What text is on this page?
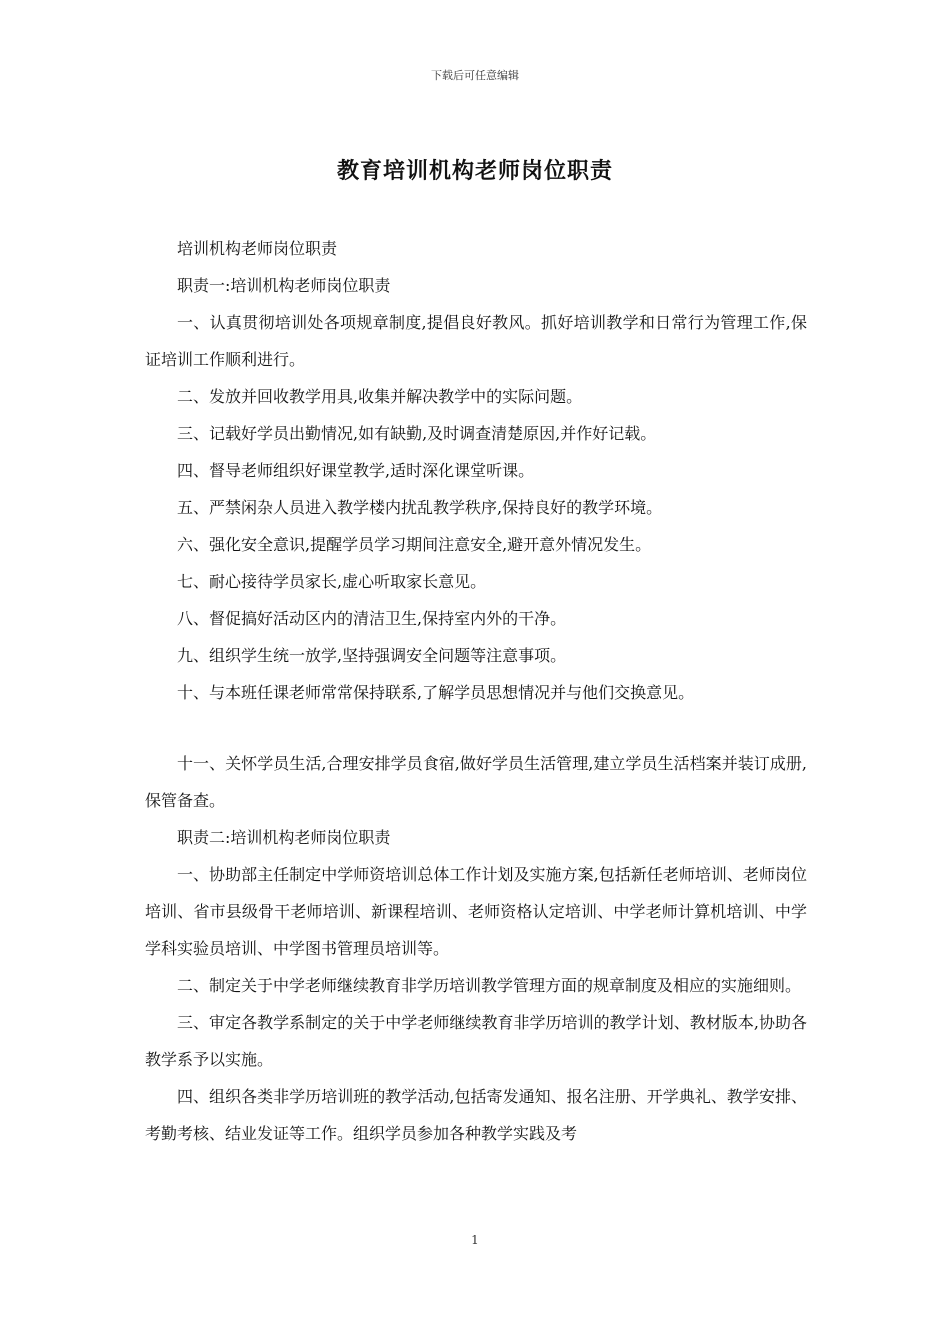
下载后可任意编辑
教育培训机构老师岗位职责

培训机构老师岗位职责

职责一:培训机构老师岗位职责

一、认真贯彻培训处各项规章制度,提倡良好教风。抓好培训教学和日常行为管理工作,保证培训工作顺利进行。

二、发放并回收教学用具,收集并解决教学中的实际问题。

三、记载好学员出勤情况,如有缺勤,及时调查清楚原因,并作好记载。

四、督导老师组织好课堂教学,适时深化课堂听课。

五、严禁闲杂人员进入教学楼内扰乱教学秩序,保持良好的教学环境。

六、强化安全意识,提醒学员学习期间注意安全,避开意外情况发生。

七、耐心接待学员家长,虚心听取家长意见。

八、督促搞好活动区内的清洁卫生,保持室内外的干净。

九、组织学生统一放学,坚持强调安全问题等注意事项。

十、与本班任课老师常常保持联系,了解学员思想情况并与他们交换意见。

十一、关怀学员生活,合理安排学员食宿,做好学员生活管理,建立学员生活档案并装订成册,保管备查。

职责二:培训机构老师岗位职责

一、协助部主任制定中学师资培训总体工作计划及实施方案,包括新任老师培训、老师岗位培训、省市县级骨干老师培训、新课程培训、老师资格认定培训、中学老师计算机培训、中学学科实验员培训、中学图书管理员培训等。

二、制定关于中学老师继续教育非学历培训教学管理方面的规章制度及相应的实施细则。

三、审定各教学系制定的关于中学老师继续教育非学历培训的教学计划、教材版本,协助各教学系予以实施。

四、组织各类非学历培训班的教学活动,包括寄发通知、报名注册、开学典礼、教学安排、考勤考核、结业发证等工作。组织学员参加各种教学实践及考

1
